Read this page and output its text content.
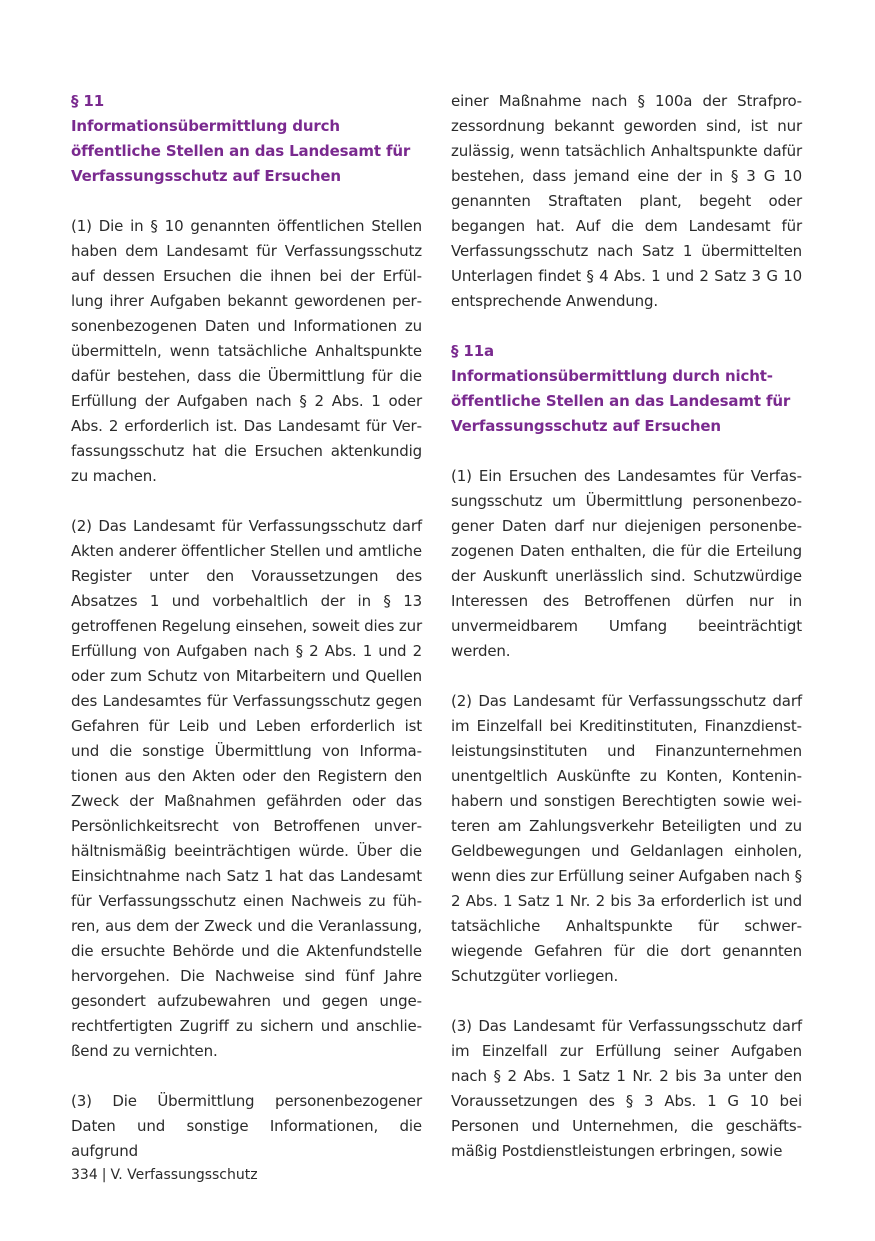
§ 11
Informationsübermittlung durch
öffentliche Stellen an das Landesamt für
Verfassungsschutz auf Ersuchen

(1) Die in § 10 genannten öffentlichen Stellen haben dem Landesamt für Verfassungsschutz auf dessen Ersuchen die ihnen bei der Erfüllung ihrer Aufgaben bekannt gewordenen personenbezogenen Daten und Informationen zu übermitteln, wenn tatsächliche Anhaltspunkte dafür bestehen, dass die Übermittlung für die Erfüllung der Aufgaben nach § 2 Abs. 1 oder Abs. 2 erforderlich ist. Das Landesamt für Verfassungsschutz hat die Ersuchen aktenkundig zu machen.

(2) Das Landesamt für Verfassungsschutz darf Akten anderer öffentlicher Stellen und amtliche Register unter den Voraussetzungen des Absatzes 1 und vorbehaltlich der in § 13 getroffenen Regelung einsehen, soweit dies zur Erfüllung von Aufgaben nach § 2 Abs. 1 und 2 oder zum Schutz von Mitarbeitern und Quellen des Landesamtes für Verfassungsschutz gegen Gefahren für Leib und Leben erforderlich ist und die sonstige Übermittlung von Informationen aus den Akten oder den Registern den Zweck der Maßnahmen gefährden oder das Persönlichkeitsrecht von Betroffenen unverhältnismäßig beeinträchtigen würde. Über die Einsichtnahme nach Satz 1 hat das Landesamt für Verfassungsschutz einen Nachweis zu führen, aus dem der Zweck und die Veranlassung, die ersuchte Behörde und die Aktenfundstelle hervorgehen. Die Nachweise sind fünf Jahre gesondert aufzubewahren und gegen ungerechtfertigten Zugriff zu sichern und anschließend zu vernichten.

(3) Die Übermittlung personenbezogener Daten und sonstige Informationen, die aufgrund

einer Maßnahme nach § 100a der Strafprozessordnung bekannt geworden sind, ist nur zulässig, wenn tatsächlich Anhaltspunkte dafür bestehen, dass jemand eine der in § 3 G 10 genannten Straftaten plant, begeht oder begangen hat. Auf die dem Landesamt für Verfassungsschutz nach Satz 1 übermittelten Unterlagen findet § 4 Abs. 1 und 2 Satz 3 G 10 entsprechende Anwendung.

§ 11a
Informationsübermittlung durch nicht-
öffentliche Stellen an das Landesamt für
Verfassungsschutz auf Ersuchen

(1) Ein Ersuchen des Landesamtes für Verfassungsschutz um Übermittlung personenbezogener Daten darf nur diejenigen personenbezogenen Daten enthalten, die für die Erteilung der Auskunft unerlässlich sind. Schutzwürdige Interessen des Betroffenen dürfen nur in unvermeidbarem Umfang beeinträchtigt werden.

(2) Das Landesamt für Verfassungsschutz darf im Einzelfall bei Kreditinstituten, Finanzdienstleistungsinstituten und Finanzunternehmen unentgeltlich Auskünfte zu Konten, Konteninhabern und sonstigen Berechtigten sowie weiteren am Zahlungsverkehr Beteiligten und zu Geldbewegungen und Geldanlagen einholen, wenn dies zur Erfüllung seiner Aufgaben nach § 2 Abs. 1 Satz 1 Nr. 2 bis 3a erforderlich ist und tatsächliche Anhaltspunkte für schwerwiegende Gefahren für die dort genannten Schutzgüter vorliegen.

(3) Das Landesamt für Verfassungsschutz darf im Einzelfall zur Erfüllung seiner Aufgaben nach § 2 Abs. 1 Satz 1 Nr. 2 bis 3a unter den Voraussetzungen des § 3 Abs. 1 G 10 bei Personen und Unternehmen, die geschäftsmäßig Postdienstleistungen erbringen, sowie

334 | V. Verfassungsschutz
